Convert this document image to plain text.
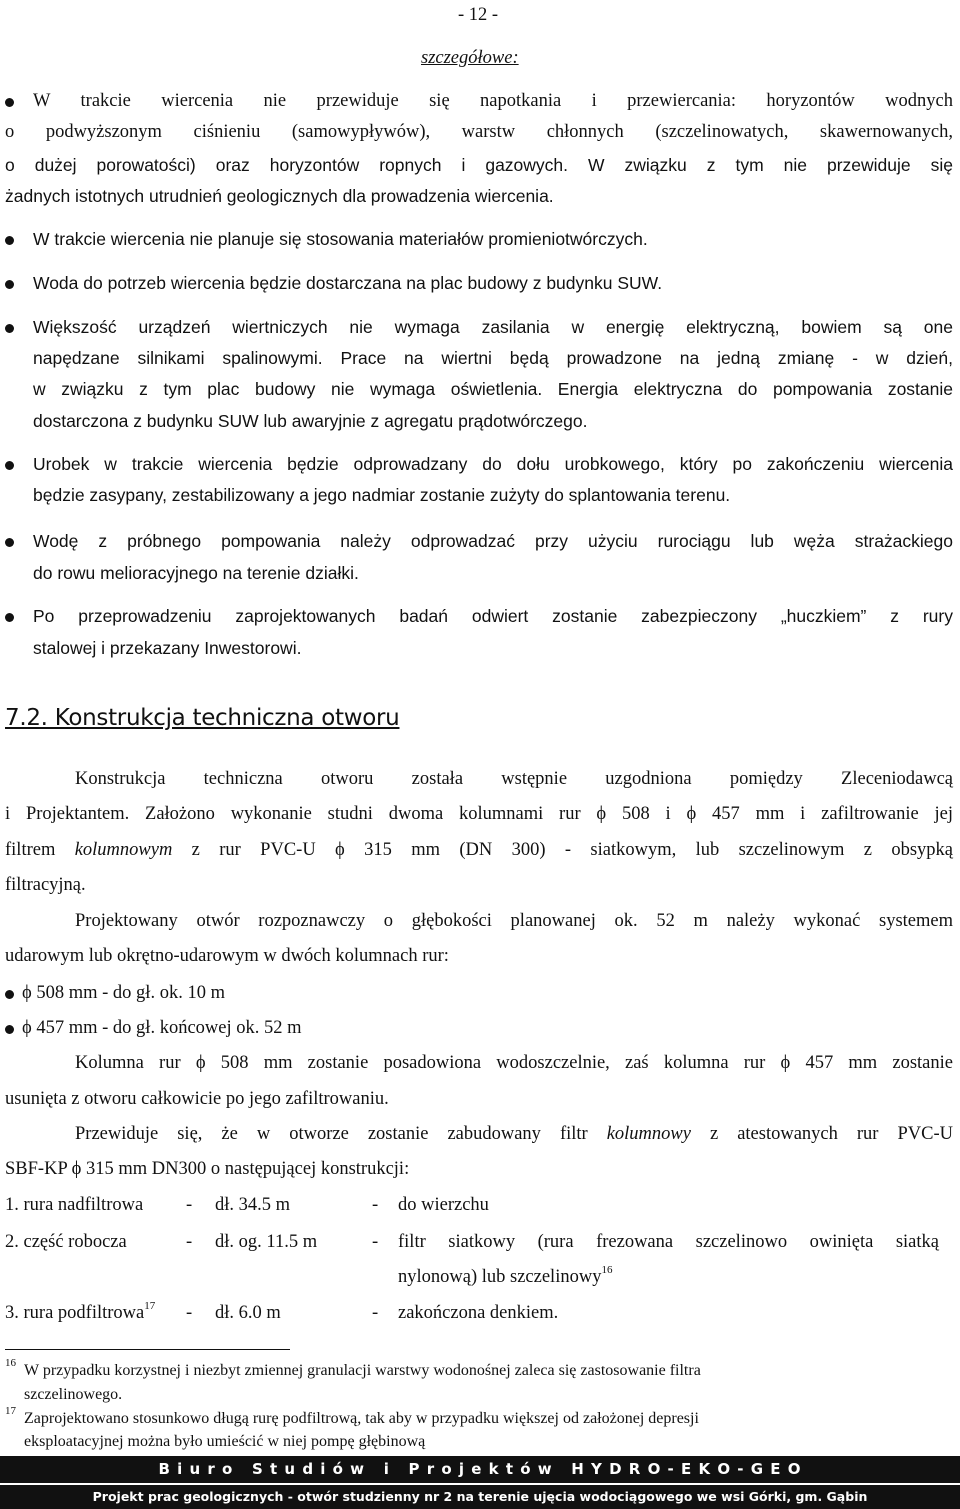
- 12 -
szczegółowe:
W trakcie wiercenia nie przewiduje się napotkania i przewiercania: horyzontów wodnych
o podwyższonym ciśnieniu (samowypływów), warstw chłonnych (szczelinowatych, skawernowanych,
o dużej porowatości) oraz horyzontów ropnych i gazowych. W związku z tym nie przewiduje się
żadnych istotnych utrudnień geologicznych dla prowadzenia wiercenia.
W trakcie wiercenia nie planuje się stosowania materiałów promieniotwórczych.
Woda do potrzeb wiercenia będzie dostarczana na plac budowy z budynku SUW.
Większość urządzeń wiertniczych nie wymaga zasilania w energię elektryczną, bowiem są one
napędzane silnikami spalinowymi. Prace na wiertni będą prowadzone na jedną zmianę - w dzień,
w związku z tym plac budowy nie wymaga oświetlenia. Energia elektryczna do pompowania zostanie
dostarczona z budynku SUW lub awaryjnie z agregatu prądotwórczego.
Urobek w trakcie wiercenia będzie odprowadzany do dołu urobkowego, który po zakończeniu wiercenia
będzie zasypany, zestabilizowany a jego nadmiar zostanie zużyty do splantowania terenu.
Wodę z próbnego pompowania należy odprowadzać przy użyciu rurociągu lub węża strażackiego
do rowu melioracyjnego na terenie działki.
Po przeprowadzeniu zaprojektowanych badań odwiert zostanie zabezpieczony „huczkiem” z rury
stalowej i przekazany Inwestorowi.
7.2. Konstrukcja techniczna otworu
Konstrukcja techniczna otworu została wstępnie uzgodniona pomiędzy Zleceniodawcą
i Projektantem. Założono wykonanie studni dwoma kolumnami rur ϕ 508 i ϕ 457 mm i zafiltrowanie jej
filtrem kolumnowym z rur PVC-U ϕ 315 mm (DN 300) - siatkowym, lub szczelinowym z obsypką
filtracyjną.
Projektowany otwór rozpoznawczy o głębokości planowanej ok. 52 m należy wykonać systemem
udarowym lub okrętno-udarowym w dwóch kolumnach rur:
ϕ 508 mm - do gł. ok. 10 m
ϕ 457 mm - do gł. końcowej ok. 52 m
Kolumna rur ϕ 508 mm zostanie posadowiona wodoszczelnie, zaś kolumna rur ϕ 457 mm zostanie
usunięta z otworu całkowicie po jego zafiltrowaniu.
Przewiduje się, że w otworze zostanie zabudowany filtr kolumnowy z atestowanych rur PVC-U
SBF-KP ϕ 315 mm DN300 o następującej konstrukcji:
1. rura nadfiltrowa - dł. 34.5 m	- do wierzchu
2. część robocza	- dł. og. 11.5 m	- filtr siatkowy (rura frezowana szczelinowo owinięta siatką
nylonową) lub szczelinowy$^{16}$
3. rura podfiltrowa$^{17}$ - dł. 6.0 m	- zakończona denkiem.
16 W przypadku korzystnej i niezbyt zmiennej granulacji warstwy wodonośnej zaleca się zastosowanie filtra
szczelinowego.
17 Zaprojektowano stosunkowo długą rurę podfiltrową, tak aby w przypadku większej od założonej depresji
eksploatacyjnej można było umieścić w niej pompę głębinową
B i u r o   S t u d i ó w   i   P r o j e k t ó w   H Y D R O - E K O - G E O
Projekt prac geologicznych - otwór studzienny nr 2 na terenie ujęcia wodociągowego we wsi Górki, gm. Gąbin
